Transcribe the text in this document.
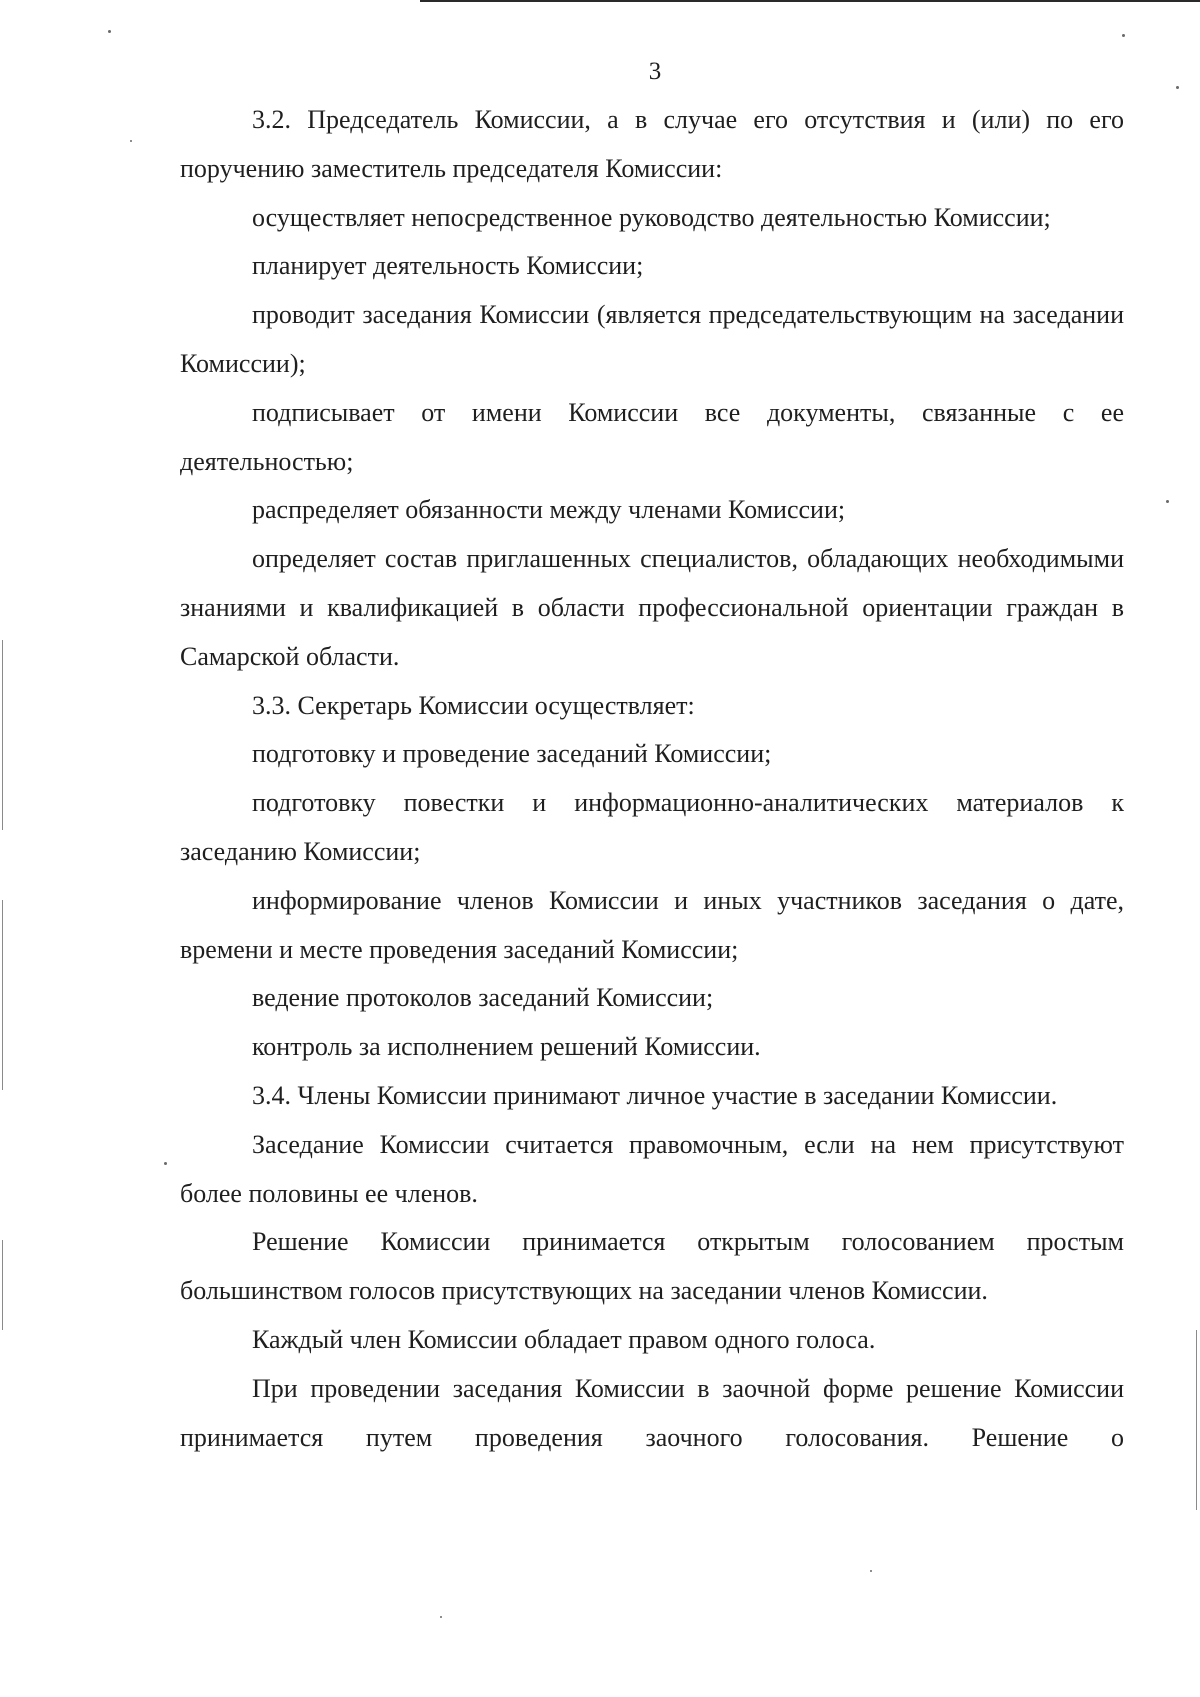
3

3.2. Председатель Комиссии, а в случае его отсутствия и (или) по его поручению заместитель председателя Комиссии:

осуществляет непосредственное руководство деятельностью Комиссии;

планирует деятельность Комиссии;

проводит заседания Комиссии (является председательствующим на заседании Комиссии);

подписывает от имени Комиссии все документы, связанные с ее деятельностью;

распределяет обязанности между членами Комиссии;

определяет состав приглашенных специалистов, обладающих необходимыми знаниями и квалификацией в области профессиональной ориентации граждан в Самарской области.

3.3. Секретарь Комиссии осуществляет:

подготовку и проведение заседаний Комиссии;

подготовку повестки и информационно-аналитических материалов к заседанию Комиссии;

информирование членов Комиссии и иных участников заседания о дате, времени и месте проведения заседаний Комиссии;

ведение протоколов заседаний Комиссии;

контроль за исполнением решений Комиссии.

3.4. Члены Комиссии принимают личное участие в заседании Комиссии.

Заседание Комиссии считается правомочным, если на нем присутствуют более половины ее членов.

Решение Комиссии принимается открытым голосованием простым большинством голосов присутствующих на заседании членов Комиссии.

Каждый член Комиссии обладает правом одного голоса.

При проведении заседания Комиссии в заочной форме решение Комиссии принимается путем проведения заочного голосования. Решение о
